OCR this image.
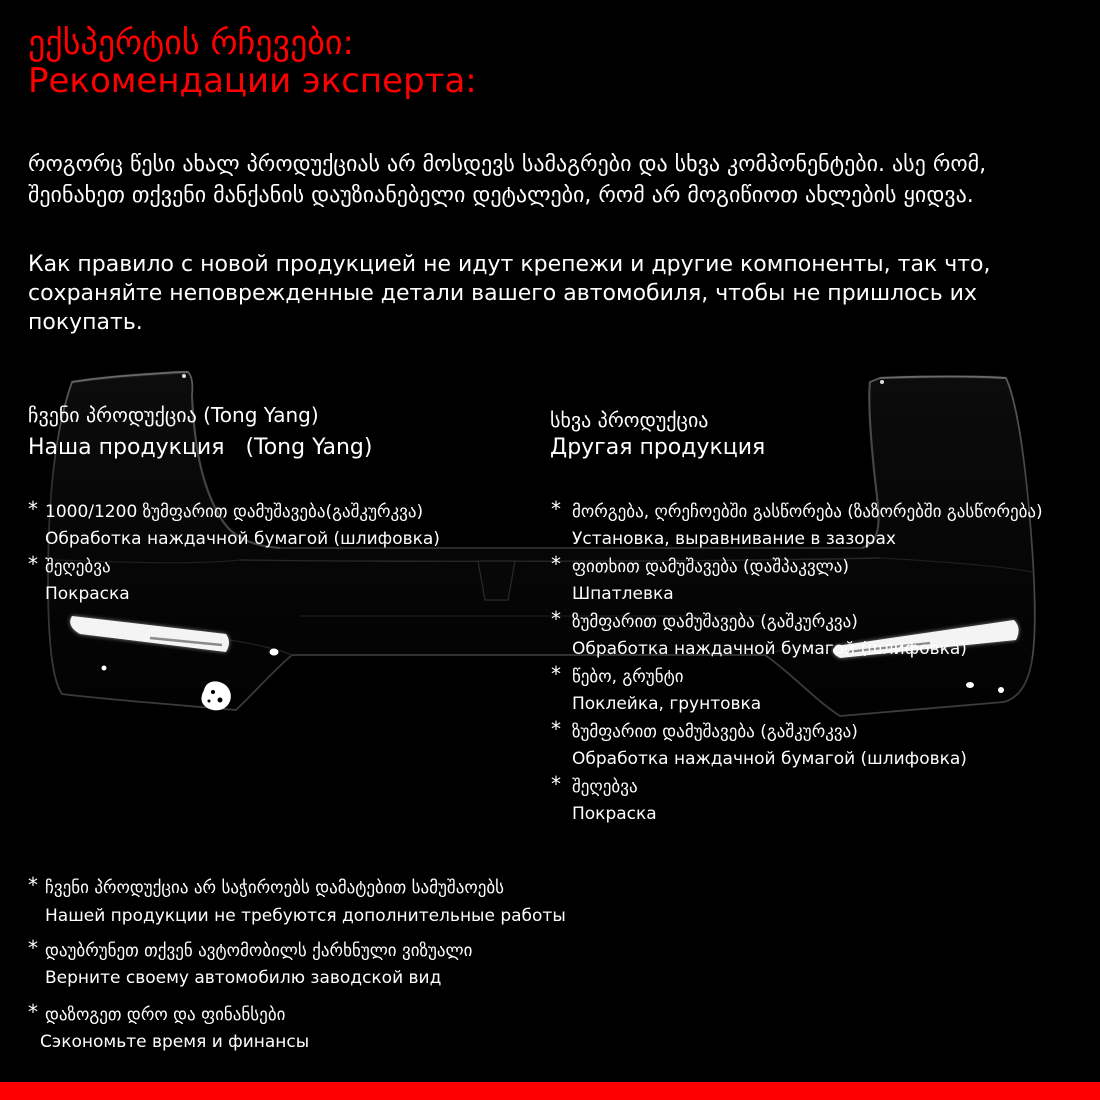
ექსპერტის რჩევები:
Рекомендации эксперта:

როგორც წესი ახალ პროდუქციას არ მოსდევს სამაგრები და სხვა კომპონენტები. ასე რომ, შეინახეთ თქვენი მანქანის დაუზიანებელი დეტალები, რომ არ მოგიწიოთ ახლების ყიდვა.

Как правило с новой продукцией не идут крепежи и другие компоненты, так что, сохраняйте неповрежденные детали вашего автомобиля, чтобы не пришлось их покупать.

ჩვენი პროდუქცია (Tong Yang)
Наша продукция   (Tong Yang)
* 1000/1200 ზუმფარით დამუშავება(გაშკურკვა)
Обработка наждачной бумагой (шлифовка)
* შეღებვა
Покраска
სხვა პროდუქცია
Другая продукция
* მორგება, ღრეჩოებში გასწორება (ზაზორებში გასწორება)
Установка, выравнивание в зазорах
* ფითხით დამუშავება (დაშპაკვლა)
Шпатлевка
* ზუმფარით დამუშავება (გაშკურკვა)
Обработка наждачной бумагой (шлифовка)
* წებო, გრუნტი
Поклейка, грунтовка
* ზუმფარით დამუშავება (გაშკურკვა)
Обработка наждачной бумагой (шлифовка)
* შეღებვა
Покраска
* ჩვენი პროდუქცია არ საჭიროებს დამატებით სამუშაოებს
Нашей продукции не требуются дополнительные работы
* დაუბრუნეთ თქვენ ავტომობილს ქარხნული ვიზუალი
Верните своему автомобилю заводской вид
* დაზოგეთ დრო და ფინანსები
Сэкономьте время и финансы
